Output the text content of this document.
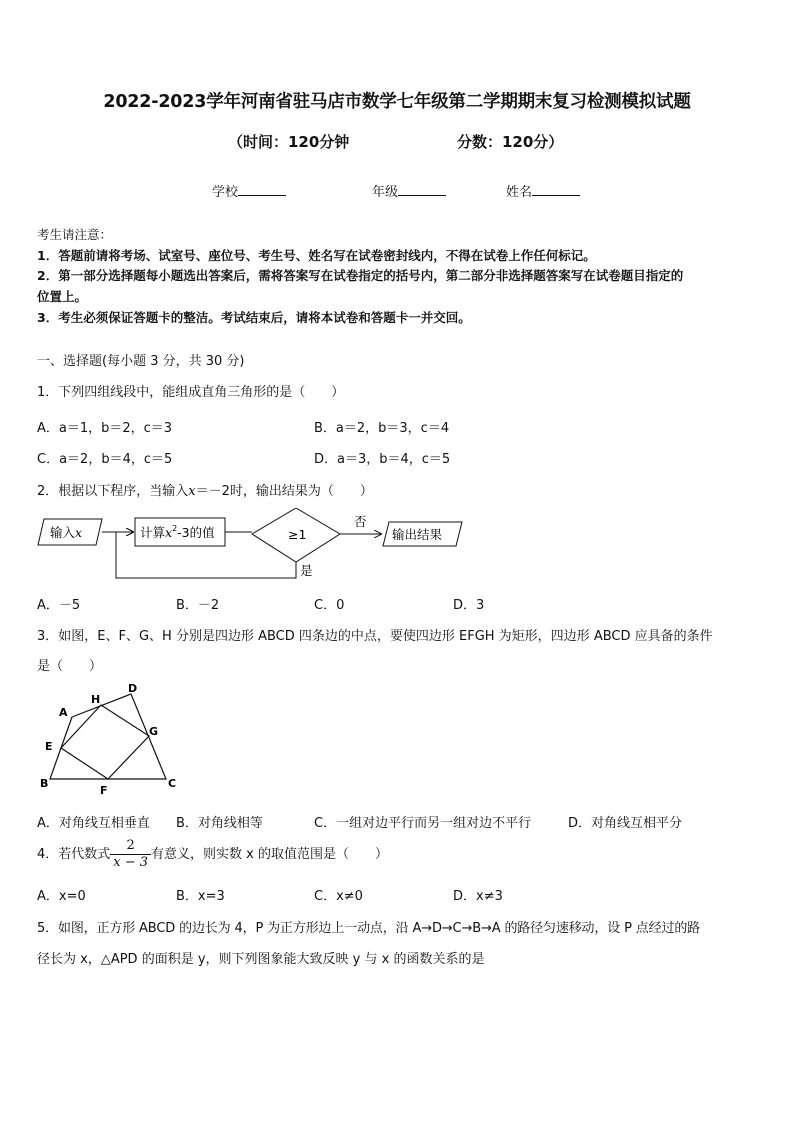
2022-2023学年河南省驻马店市数学七年级第二学期期末复习检测模拟试题
（时间：120分钟	分数：120分）
学校	年级	姓名
考生请注意：
1．答题前请将考场、试室号、座位号、考生号、姓名写在试卷密封线内，不得在试卷上作任何标记。
2．第一部分选择题每小题选出答案后，需将答案写在试卷指定的括号内，第二部分非选择题答案写在试卷题目指定的
位置上。
3．考生必须保证答题卡的整洁。考试结束后，请将本试卷和答题卡一并交回。
一、选择题(每小题 3 分，共 30 分)
1．下列四组线段中，能组成直角三角形的是（　　）
A．a＝1，b＝2，c＝3	B．a＝2，b＝3，c＝4
C．a＝2，b＝4，c＝5	D．a＝3，b＝4，c＝5
2．根据以下程序，当输入x＝－2时，输出结果为（　　）
输入x	计算$x^2-3$的值	≥1
否
输出结果
是
A．－5	B．－2	C．0	D．3
3．如图，E、F、G、H 分别是四边形 ABCD 四条边的中点，要使四边形 EFGH 为矩形，四边形 ABCD 应具备的条件
是（　　）
A
B	C
D
E
F
G
H
A．对角线互相垂直 B．对角线相等	C．一组对边平行而另一组对边不平行	D．对角线互相平分
4．若代数式 $\frac{2}{x - 3}$ 有意义，则实数 x 的取值范围是（　　）
A．x=0	B．x=3	C．x≠0	D．x≠3
5．如图，正方形 ABCD 的边长为 4，P 为正方形边上一动点，沿 A→D→C→B→A 的路径匀速移动，设 P 点经过的路
径长为 x，△APD 的面积是 y，则下列图象能大致反映 y 与 x 的函数关系的是
